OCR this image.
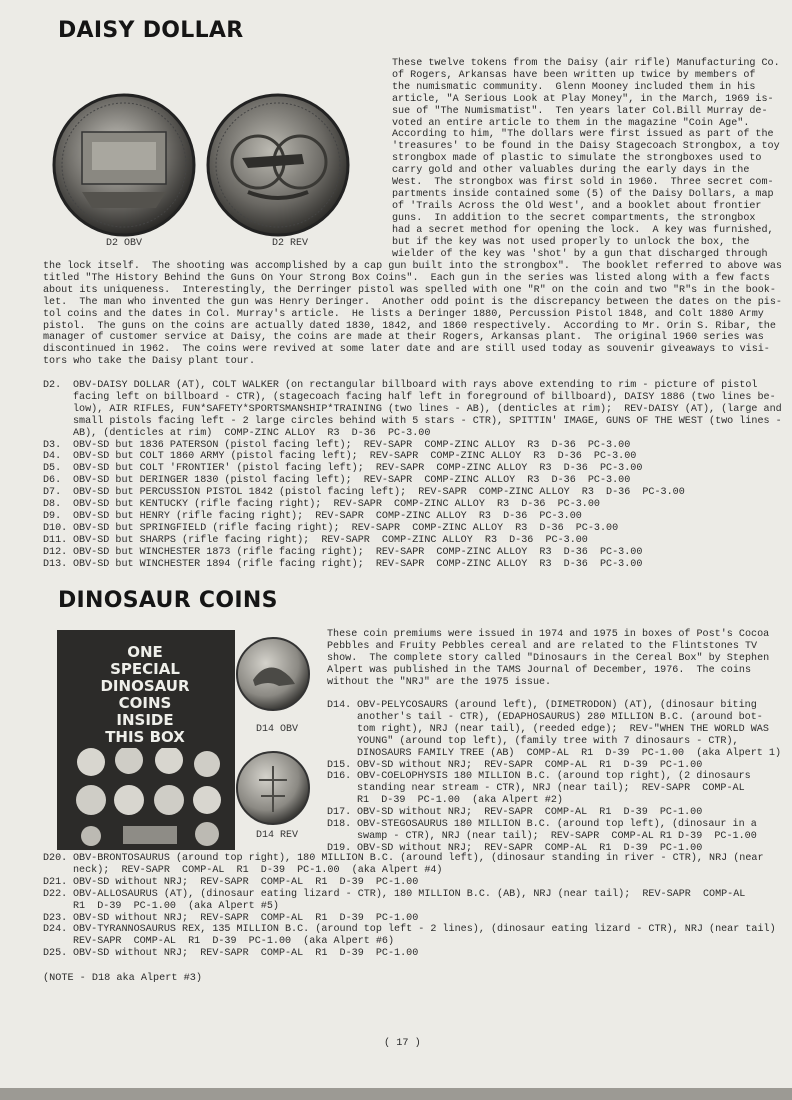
DAISY DOLLAR
D2 OBV	D2 REV
These twelve tokens from the Daisy (air rifle) Manufacturing Co.
of Rogers, Arkansas have been written up twice by members of
the numismatic community.  Glenn Mooney included them in his
article, "A Serious Look at Play Money", in the March, 1969 is-
sue of "The Numismatist".  Ten years later Col.Bill Murray de-
voted an entire article to them in the magazine "Coin Age".
According to him, "The dollars were first issued as part of the
'treasures' to be found in the Daisy Stagecoach Strongbox, a toy
strongbox made of plastic to simulate the strongboxes used to
carry gold and other valuables during the early days in the
West.  The strongbox was first sold in 1960.  Three secret com-
partments inside contained some (5) of the Daisy Dollars, a map
of 'Trails Across the Old West', and a booklet about frontier
guns.  In addition to the secret compartments, the strongbox
had a secret method for opening the lock.  A key was furnished,
but if the key was not used properly to unlock the box, the
wielder of the key was 'shot' by a gun that discharged through
the lock itself.  The shooting was accomplished by a cap gun built into the strongbox".  The booklet referred to above was
titled "The History Behind the Guns On Your Strong Box Coins".  Each gun in the series was listed along with a few facts
about its uniqueness.  Interestingly, the Derringer pistol was spelled with one "R" on the coin and two "R"s in the book-
let.  The man who invented the gun was Henry Deringer.  Another odd point is the discrepancy between the dates on the pis-
tol coins and the dates in Col. Murray's article.  He lists a Deringer 1880, Percussion Pistol 1848, and Colt 1880 Army
pistol.  The guns on the coins are actually dated 1830, 1842, and 1860 respectively.  According to Mr. Orin S. Ribar, the
manager of customer service at Daisy, the coins are made at their Rogers, Arkansas plant.  The original 1960 series was
discontinued in 1962.  The coins were revived at some later date and are still used today as souvenir giveaways to visi-
tors who take the Daisy plant tour.
D2.	OBV-DAISY DOLLAR (AT), COLT WALKER (on rectangular billboard with rays above extending to rim - picture of pistol
facing left on billboard - CTR), (stagecoach facing half left in foreground of billboard), DAISY 1886 (two lines be-
low), AIR RIFLES, FUN*SAFETY*SPORTSMANSHIP*TRAINING (two lines - AB), (denticles at rim);  REV-DAISY (AT), (large and
small pistols facing left - 2 large circles behind with 5 stars - CTR), SPITTIN' IMAGE, GUNS OF THE WEST (two lines -
AB), (denticles at rim)  COMP-ZINC ALLOY  R3  D-36  PC-3.00
D3.	OBV-SD but 1836 PATERSON (pistol facing left);  REV-SAPR  COMP-ZINC ALLOY  R3  D-36  PC-3.00
D4.	OBV-SD but COLT 1860 ARMY (pistol facing left);  REV-SAPR  COMP-ZINC ALLOY  R3  D-36  PC-3.00
D5.	OBV-SD but COLT 'FRONTIER' (pistol facing left);  REV-SAPR  COMP-ZINC ALLOY  R3  D-36  PC-3.00
D6.	OBV-SD but DERINGER 1830 (pistol facing left);  REV-SAPR  COMP-ZINC ALLOY  R3  D-36  PC-3.00
D7.	OBV-SD but PERCUSSION PISTOL 1842 (pistol facing left);  REV-SAPR  COMP-ZINC ALLOY  R3  D-36  PC-3.00
D8.	OBV-SD but KENTUCKY (rifle facing right);  REV-SAPR  COMP-ZINC ALLOY  R3  D-36  PC-3.00
D9.	OBV-SD but HENRY (rifle facing right);  REV-SAPR  COMP-ZINC ALLOY  R3  D-36  PC-3.00
D10. OBV-SD but SPRINGFIELD (rifle facing right);  REV-SAPR  COMP-ZINC ALLOY  R3  D-36  PC-3.00
D11. OBV-SD but SHARPS (rifle facing right);  REV-SAPR  COMP-ZINC ALLOY  R3  D-36  PC-3.00
D12. OBV-SD but WINCHESTER 1873 (rifle facing right);  REV-SAPR  COMP-ZINC ALLOY  R3  D-36  PC-3.00
D13. OBV-SD but WINCHESTER 1894 (rifle facing right);  REV-SAPR  COMP-ZINC ALLOY  R3  D-36  PC-3.00
DINOSAUR COINS
ONE
SPECIAL
DINOSAUR
COINS
INSIDE
THIS BOX	D14 OBV
D14 REV
These coin premiums were issued in 1974 and 1975 in boxes of Post's Cocoa
Pebbles and Fruity Pebbles cereal and are related to the Flintstones TV
show.  The complete story called "Dinosaurs in the Cereal Box" by Stephen
Alpert was published in the TAMS Journal of December, 1976.  The coins
without the "NRJ" are the 1975 issue.
D14. OBV-PELYCOSAURS (around left), (DIMETRODON) (AT), (dinosaur biting
another's tail - CTR), (EDAPHOSAURUS) 280 MILLION B.C. (around bot-
tom right), NRJ (near tail), (reeded edge);  REV-"WHEN THE WORLD WAS
YOUNG" (around top left), (family tree with 7 dinosaurs - CTR),
DINOSAURS FAMILY TREE (AB)  COMP-AL  R1  D-39  PC-1.00  (aka Alpert 1)
D15. OBV-SD without NRJ;  REV-SAPR  COMP-AL  R1  D-39  PC-1.00
D16. OBV-COELOPHYSIS 180 MILLION B.C. (around top right), (2 dinosaurs
standing near stream - CTR), NRJ (near tail);  REV-SAPR  COMP-AL
R1  D-39  PC-1.00  (aka Alpert #2)
D17. OBV-SD without NRJ;  REV-SAPR  COMP-AL  R1  D-39  PC-1.00
D18. OBV-STEGOSAURUS 180 MILLION B.C. (around top left), (dinosaur in a
swamp - CTR), NRJ (near tail);  REV-SAPR  COMP-AL R1 D-39  PC-1.00
D19. OBV-SD without NRJ;  REV-SAPR  COMP-AL  R1  D-39  PC-1.00
D20. OBV-BRONTOSAURUS (around top right), 180 MILLION B.C. (around left), (dinosaur standing in river - CTR), NRJ (near
neck);  REV-SAPR  COMP-AL  R1  D-39  PC-1.00  (aka Alpert #4)
D21. OBV-SD without NRJ;  REV-SAPR  COMP-AL  R1  D-39  PC-1.00
D22. OBV-ALLOSAURUS (AT), (dinosaur eating lizard - CTR), 180 MILLION B.C. (AB), NRJ (near tail);  REV-SAPR  COMP-AL
R1  D-39  PC-1.00  (aka Alpert #5)
D23. OBV-SD without NRJ;  REV-SAPR  COMP-AL  R1  D-39  PC-1.00
D24. OBV-TYRANNOSAURUS REX, 135 MILLION B.C. (around top left - 2 lines), (dinosaur eating lizard - CTR), NRJ (near tail)
REV-SAPR  COMP-AL  R1  D-39  PC-1.00  (aka Alpert #6)
D25. OBV-SD without NRJ;  REV-SAPR  COMP-AL  R1  D-39  PC-1.00
(NOTE - D18 aka Alpert #3)
( 17 )
